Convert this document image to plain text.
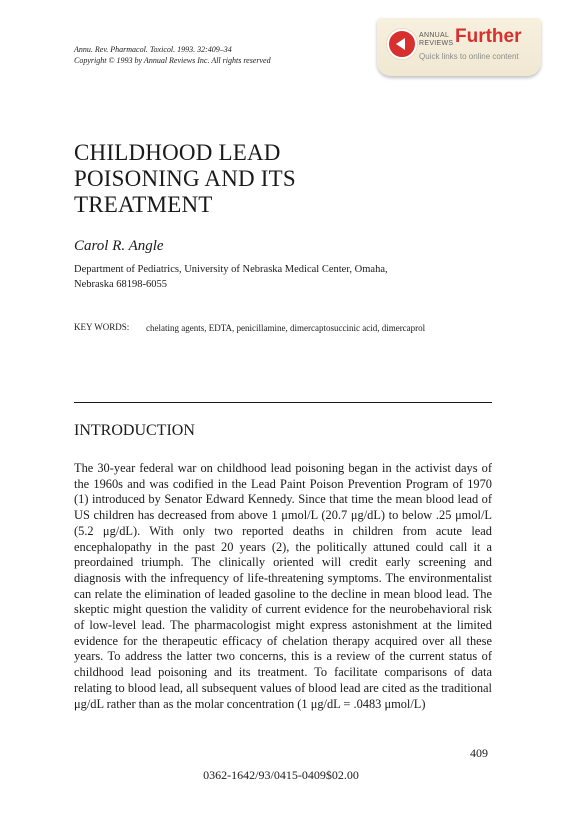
Annu. Rev. Pharmacol. Toxicol. 1993. 32:409–34
Copyright © 1993 by Annual Reviews Inc. All rights reserved
ANNUAL
REVIEWS Further
Quick links to online content
CHILDHOOD LEAD
POISONING AND ITS
TREATMENT
Carol R. Angle
Department of Pediatrics, University of Nebraska Medical Center, Omaha,
Nebraska 68198-6055
KEY WORDS: chelating agents, EDTA, penicillamine, dimercaptosuccinic acid, dimercaprol
INTRODUCTION

The 30-year federal war on childhood lead poisoning began in the activist days of the 1960s and was codified in the Lead Paint Poison Prevention Program of 1970 (1) introduced by Senator Edward Kennedy. Since that time the mean blood lead of US children has decreased from above 1 μmol/L (20.7 μg/dL) to below .25 μmol/L (5.2 μg/dL). With only two reported deaths in children from acute lead encephalopathy in the past 20 years (2), the politically attuned could call it a preordained triumph. The clinically oriented will credit early screening and diagnosis with the infrequency of life-threatening symptoms. The environmentalist can relate the elimination of leaded gasoline to the decline in mean blood lead. The skeptic might question the validity of current evidence for the neurobehavioral risk of low-level lead. The pharmacologist might express astonishment at the limited evidence for the therapeutic efficacy of chelation therapy acquired over all these years. To address the latter two concerns, this is a review of the current status of childhood lead poisoning and its treatment. To facilitate comparisons of data relating to blood lead, all subsequent values of blood lead are cited as the traditional μg/dL rather than as the molar concentration (1 μg/dL = .0483 μmol/L)

409
0362-1642/93/0415-0409$02.00
